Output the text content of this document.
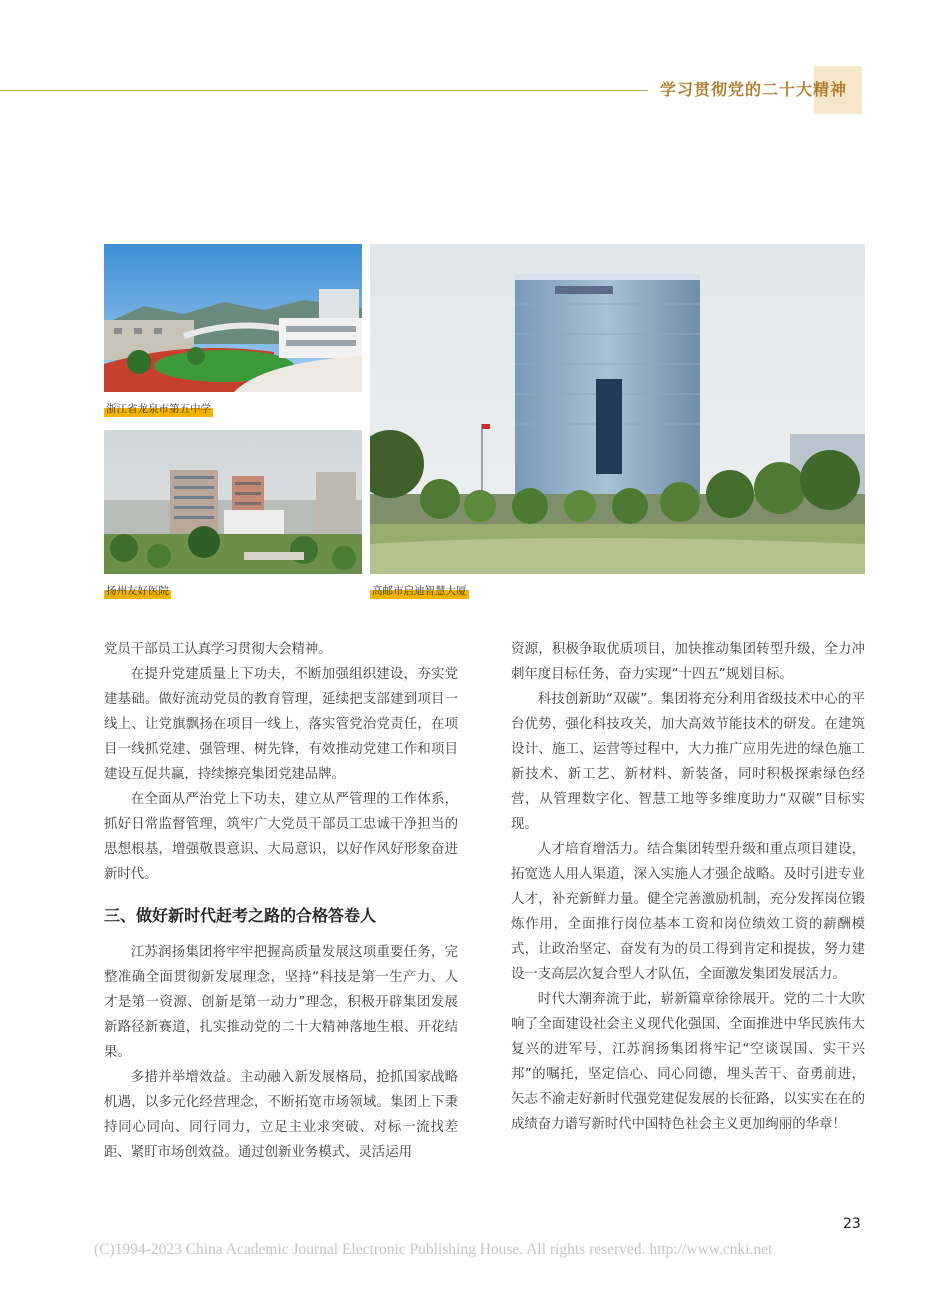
学习贯彻党的二十大精神
浙江省龙泉市第五中学
扬州友好医院	高邮市启迪智慧大厦

党员干部员工认真学习贯彻大会精神。

在提升党建质量上下功夫，不断加强组织建设，夯实党建基础。做好流动党员的教育管理，延续把支部建到项目一线上、让党旗飘扬在项目一线上，落实管党治党责任，在项目一线抓党建、强管理、树先锋，有效推动党建工作和项目建设互促共赢，持续擦亮集团党建品牌。

在全面从严治党上下功夫，建立从严管理的工作体系，抓好日常监督管理，筑牢广大党员干部员工忠诚干净担当的思想根基，增强敬畏意识、大局意识，以好作风好形象奋进新时代。

三、做好新时代赶考之路的合格答卷人

江苏润扬集团将牢牢把握高质量发展这项重要任务，完整准确全面贯彻新发展理念，坚持“科技是第一生产力、人才是第一资源、创新是第一动力”理念，积极开辟集团发展新路径新赛道，扎实推动党的二十大精神落地生根、开花结果。

多措并举增效益。主动融入新发展格局，抢抓国家战略机遇，以多元化经营理念，不断拓宽市场领域。集团上下秉持同心同向、同行同力，立足主业求突破、对标一流找差距、紧盯市场创效益。通过创新业务模式、灵活运用

资源，积极争取优质项目，加快推动集团转型升级，全力冲刺年度目标任务，奋力实现“十四五”规划目标。

科技创新助“双碳”。集团将充分利用省级技术中心的平台优势，强化科技攻关，加大高效节能技术的研发。在建筑设计、施工、运营等过程中，大力推广应用先进的绿色施工新技术、新工艺、新材料、新装备，同时积极探索绿色经营，从管理数字化、智慧工地等多维度助力“双碳”目标实现。

人才培育增活力。结合集团转型升级和重点项目建设，拓宽选人用人渠道，深入实施人才强企战略。及时引进专业人才，补充新鲜力量。健全完善激励机制，充分发挥岗位锻炼作用，全面推行岗位基本工资和岗位绩效工资的薪酬模式，让政治坚定、奋发有为的员工得到肯定和提拔，努力建设一支高层次复合型人才队伍，全面激发集团发展活力。

时代大潮奔流于此，崭新篇章徐徐展开。党的二十大吹响了全面建设社会主义现代化强国、全面推进中华民族伟大复兴的进军号，江苏润扬集团将牢记“空谈误国、实干兴邦”的嘱托，坚定信心、同心同德，埋头苦干、奋勇前进，矢志不渝走好新时代强党建促发展的长征路，以实实在在的成绩奋力谱写新时代中国特色社会主义更加绚丽的华章！

23
(C)1994-2023 China Academic Journal Electronic Publishing House. All rights reserved. http://www.cnki.net
